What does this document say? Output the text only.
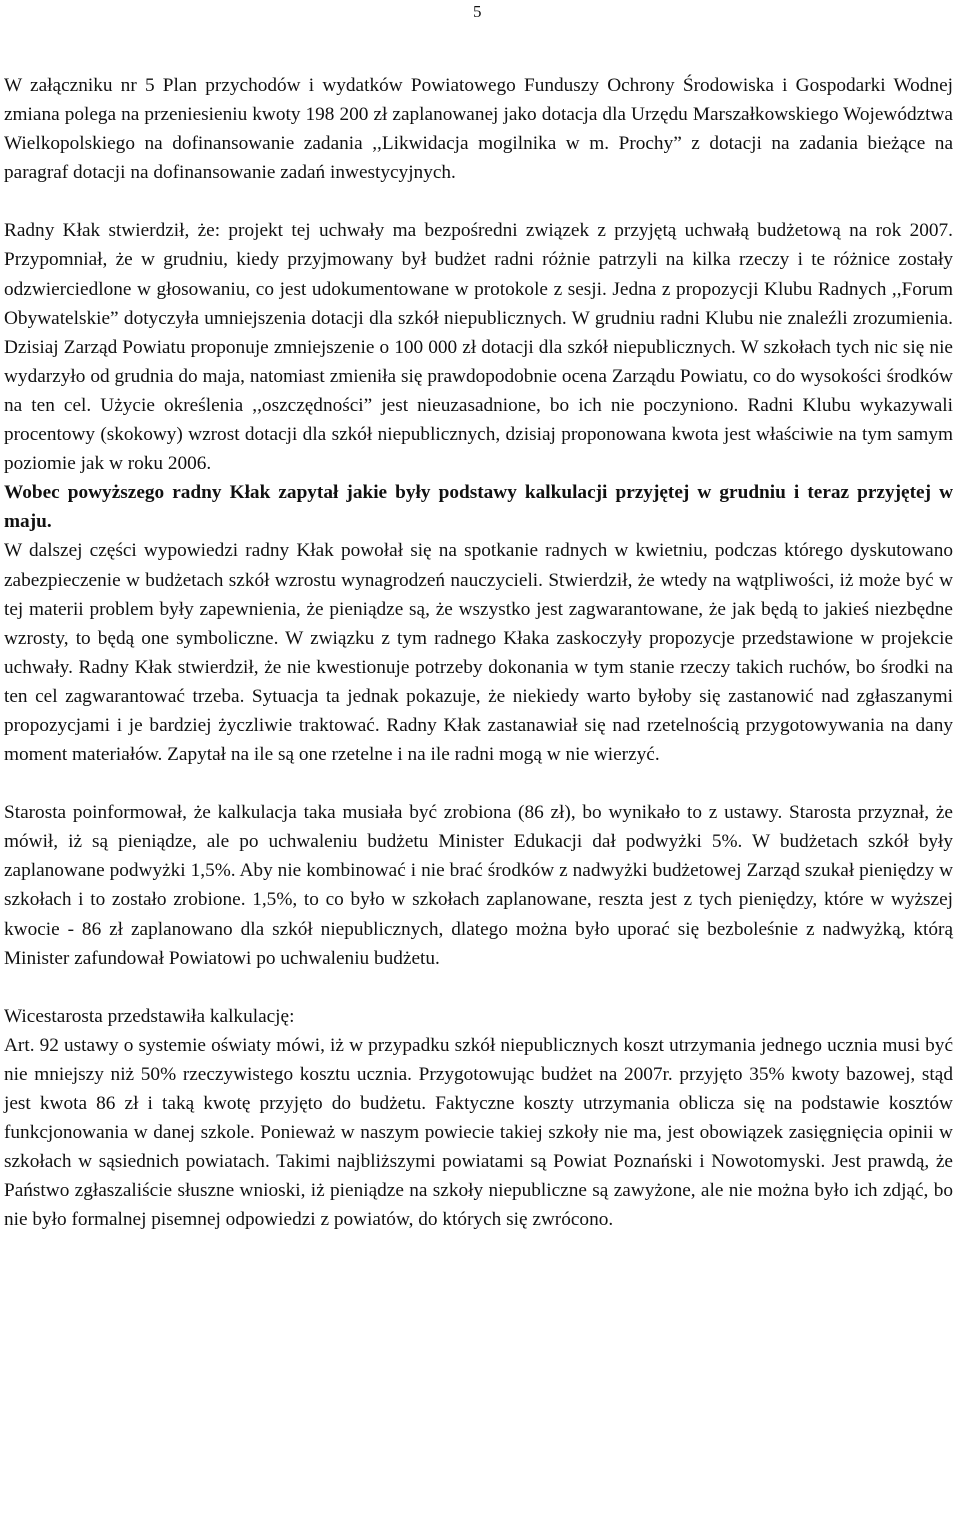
5

W załączniku nr 5 Plan przychodów i wydatków Powiatowego Funduszy Ochrony Środowiska i Gospodarki Wodnej zmiana polega na przeniesieniu kwoty 198 200 zł zaplanowanej jako dotacja dla Urzędu Marszałkowskiego Województwa Wielkopolskiego na dofinansowanie zadania ,,Likwidacja mogilnika w m. Prochy” z dotacji na zadania bieżące na paragraf dotacji na dofinansowanie zadań inwestycyjnych.

Radny Kłak stwierdził, że: projekt tej uchwały ma bezpośredni związek z przyjętą uchwałą budżetową na rok 2007. Przypomniał, że w grudniu, kiedy przyjmowany był budżet radni różnie patrzyli na kilka rzeczy i te różnice zostały odzwierciedlone w głosowaniu, co jest udokumentowane w protokole z sesji. Jedna z propozycji Klubu Radnych ,,Forum Obywatelskie” dotyczyła umniejszenia dotacji dla szkół niepublicznych. W grudniu radni Klubu nie znaleźli zrozumienia. Dzisiaj Zarząd Powiatu proponuje zmniejszenie o 100 000 zł dotacji dla szkół niepublicznych. W szkołach tych nic się nie wydarzyło od grudnia do maja, natomiast zmieniła się prawdopodobnie ocena Zarządu Powiatu, co do wysokości środków na ten cel. Użycie określenia ,,oszczędności” jest nieuzasadnione, bo ich nie poczyniono. Radni Klubu wykazywali procentowy (skokowy) wzrost dotacji dla szkół niepublicznych, dzisiaj proponowana kwota jest właściwie na tym samym poziomie jak w roku 2006.

Wobec powyższego radny Kłak zapytał jakie były podstawy kalkulacji przyjętej w grudniu i teraz przyjętej w maju.

W dalszej części wypowiedzi radny Kłak powołał się na spotkanie radnych w kwietniu, podczas którego dyskutowano zabezpieczenie w budżetach szkół wzrostu wynagrodzeń nauczycieli. Stwierdził, że wtedy na wątpliwości, iż może być w tej materii problem były zapewnienia, że pieniądze są, że wszystko jest zagwarantowane, że jak będą to jakieś niezbędne wzrosty, to będą one symboliczne. W związku z tym radnego Kłaka zaskoczyły propozycje przedstawione w projekcie uchwały. Radny Kłak stwierdził, że nie kwestionuje potrzeby dokonania w tym stanie rzeczy takich ruchów, bo środki na ten cel zagwarantować trzeba. Sytuacja ta jednak pokazuje, że niekiedy warto byłoby się zastanowić nad zgłaszanymi propozycjami i je bardziej życzliwie traktować. Radny Kłak zastanawiał się nad rzetelnością przygotowywania na dany moment materiałów. Zapytał na ile są one rzetelne i na ile radni mogą w nie wierzyć.

Starosta poinformował, że kalkulacja taka musiała być zrobiona (86 zł), bo wynikało to z ustawy. Starosta przyznał, że mówił, iż są pieniądze, ale po uchwaleniu budżetu Minister Edukacji dał podwyżki 5%. W budżetach szkół były zaplanowane podwyżki 1,5%. Aby nie kombinować i nie brać środków z nadwyżki budżetowej Zarząd szukał pieniędzy w szkołach i to zostało zrobione. 1,5%, to co było w szkołach zaplanowane, reszta jest z tych pieniędzy, które w wyższej kwocie - 86 zł zaplanowano dla szkół niepublicznych, dlatego można było uporać się bezboleśnie z nadwyżką, którą Minister zafundował Powiatowi po uchwaleniu budżetu.

Wicestarosta przedstawiła kalkulację:

Art. 92 ustawy o systemie oświaty mówi, iż w przypadku szkół niepublicznych koszt utrzymania jednego ucznia musi być nie mniejszy niż 50% rzeczywistego kosztu ucznia. Przygotowując budżet na 2007r. przyjęto 35% kwoty bazowej, stąd jest kwota 86 zł i taką kwotę przyjęto do budżetu. Faktyczne koszty utrzymania oblicza się na podstawie kosztów funkcjonowania w danej szkole. Ponieważ w naszym powiecie takiej szkoły nie ma, jest obowiązek zasięgnięcia opinii w szkołach w sąsiednich powiatach. Takimi najbliższymi powiatami są Powiat Poznański i Nowotomyski. Jest prawdą, że Państwo zgłaszaliście słuszne wnioski, iż pieniądze na szkoły niepubliczne są zawyżone, ale nie można było ich zdjąć, bo nie było formalnej pisemnej odpowiedzi z powiatów, do których się zwrócono.
